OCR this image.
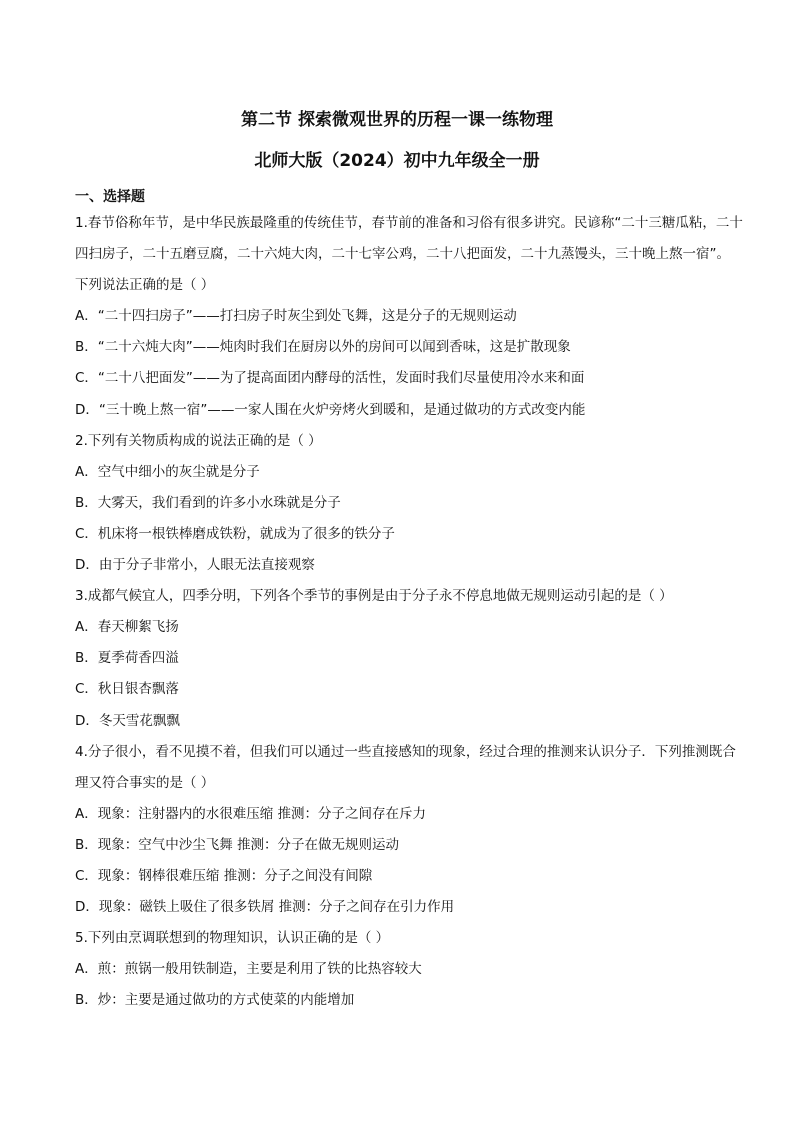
第二节 探索微观世界的历程一课一练物理
北师大版（2024）初中九年级全一册
一、选择题
1.春节俗称年节，是中华民族最隆重的传统佳节，春节前的准备和习俗有很多讲究。民谚称“二十三糖瓜粘，二十四扫房子，二十五磨豆腐，二十六炖大肉，二十七宰公鸡，二十八把面发，二十九蒸馒头，三十晚上熬一宿”。下列说法正确的是（ ）
A．“二十四扫房子”——打扫房子时灰尘到处飞舞，这是分子的无规则运动
B．“二十六炖大肉”——炖肉时我们在厨房以外的房间可以闻到香味，这是扩散现象
C．“二十八把面发”——为了提高面团内酵母的活性，发面时我们尽量使用冷水来和面
D．“三十晚上熬一宿”——一家人围在火炉旁烤火到暖和，是通过做功的方式改变内能
2.下列有关物质构成的说法正确的是（ ）
A．空气中细小的灰尘就是分子
B．大雾天，我们看到的许多小水珠就是分子
C．机床将一根铁棒磨成铁粉，就成为了很多的铁分子
D．由于分子非常小，人眼无法直接观察
3.成都气候宜人，四季分明，下列各个季节的事例是由于分子永不停息地做无规则运动引起的是（ ）
A．春天柳絮飞扬
B．夏季荷香四溢
C．秋日银杏飘落
D．冬天雪花飘飘
4.分子很小，看不见摸不着，但我们可以通过一些直接感知的现象，经过合理的推测来认识分子．下列推测既合理又符合事实的是（ ）
A．现象：注射器内的水很难压缩 推测：分子之间存在斥力
B．现象：空气中沙尘飞舞 推测：分子在做无规则运动
C．现象：钢棒很难压缩 推测：分子之间没有间隙
D．现象：磁铁上吸住了很多铁屑 推测：分子之间存在引力作用
5.下列由烹调联想到的物理知识，认识正确的是（ ）
A．煎：煎锅一般用铁制造，主要是利用了铁的比热容较大
B．炒：主要是通过做功的方式使菜的内能增加
